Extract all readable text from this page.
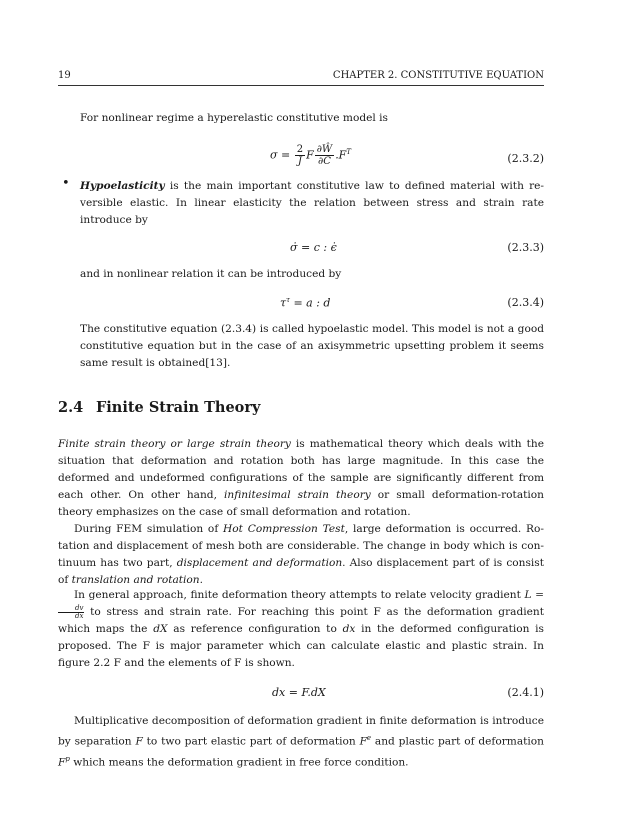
19	CHAPTER 2. CONSTITUTIVE EQUATION

For nonlinear regime a hyperelastic constitutive model is

$\sigma = \frac{2}{J}$ F $\frac{\partial Ŵ}{\partial C} .F^T$
(2.3.2)
• Hypoelasticity is the main important constitutive law to defined material with re-versible elastic. In linear elasticity the relation between stress and strain rate introduce by

σ̇ = c : ϵ̇	(2.3.3)

and in nonlinear relation it can be introduced by

$\tau^\tau = a$ : d	(2.3.4)

The constitutive equation (2.3.4) is called hypoelastic model. This model is not a good constitutive equation but in the case of an axisymmetric upsetting problem it seems same result is obtained[13].

2.4 Finite Strain Theory

Finite strain theory or large strain theory is mathematical theory which deals with the situation that deformation and rotation both has large magnitude. In this case the deformed and undeformed configurations of the sample are significantly different from each other. On other hand, infinitesimal strain theory or small deformation-rotation theory emphasizes on the case of small deformation and rotation.

During FEM simulation of Hot Compression Test, large deformation is occurred. Ro-tation and displacement of mesh both are considerable. The change in body which is con-tinuum has two part, displacement and deformation. Also displacement part of is consist of translation and rotation.

In general approach, finite deformation theory attempts to relate velocity gradient L =
$\frac{dv}{dx}$ to stress and strain rate. For reaching this point F as the deformation gradient which maps the dX as reference configuration to dx in the deformed configuration is proposed. The F is major parameter which can calculate elastic and plastic strain. In figure 2.2 F and the elements of F is shown.

dx = F.dX	(2.4.1)

Multiplicative decomposition of deformation gradient in finite deformation is introduce by separation F to two part elastic part of deformation $F^e$ and plastic part of deformation $F^p$ which means the deformation gradient in free force condition.
